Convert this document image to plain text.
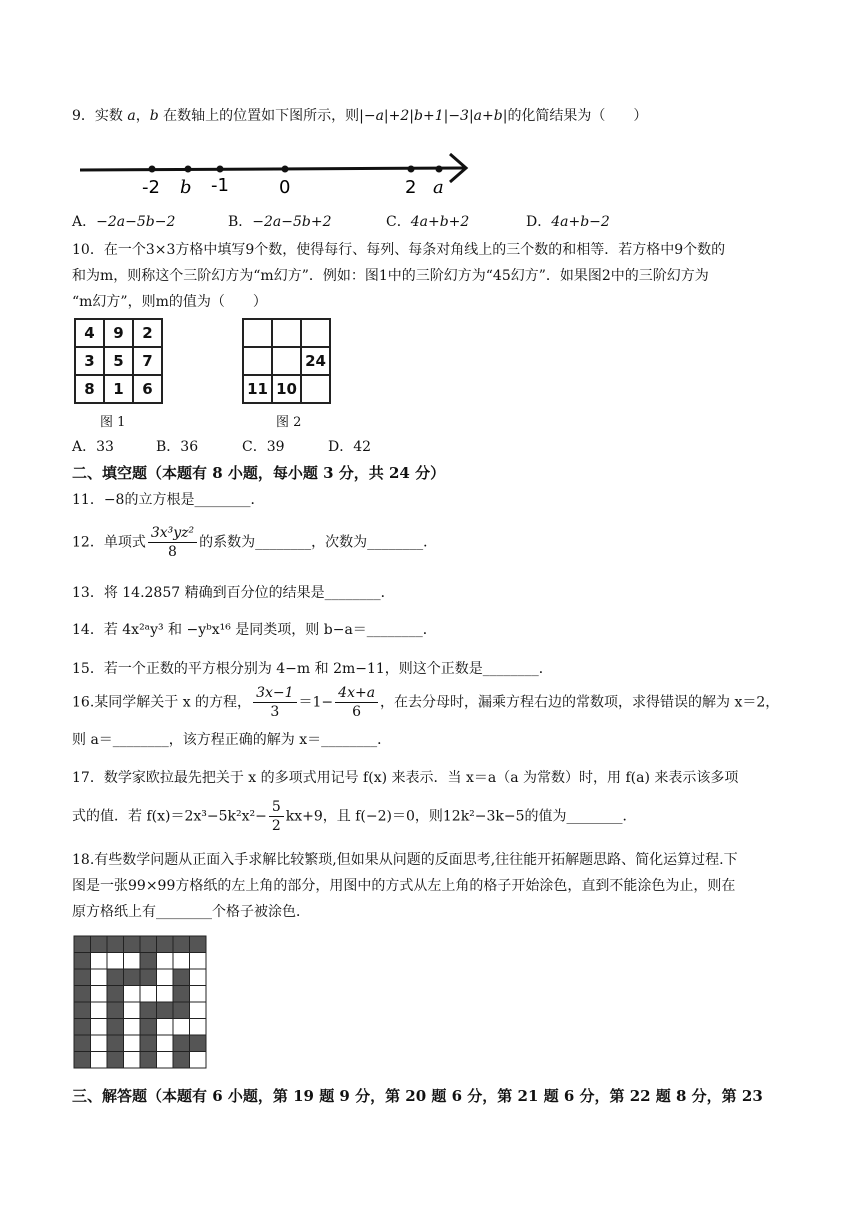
9．实数 a，b 在数轴上的位置如下图所示，则|−a|+2|b+1|−3|a+b|的化简结果为（　　）
-2 b -1	0	2 a
A．−2a−5b−2	B．−2a−5b+2	C．4a+b+2	D．4a+b−2
10．在一个3×3方格中填写9个数，使得每行、每列、每条对角线上的三个数的和相等．若方格中9个数的
和为m，则称这个三阶幻方为“m幻方”．例如：图1中的三阶幻方为“45幻方”．如果图2中的三阶幻方为
“m幻方”，则m的值为（　　）
4	9	2
3	5	7
8	1	6
图 1

		24
11	10	
图 2
A．33	B．36	C．39	D．42
二、填空题（本题有 8 小题，每小题 3 分，共 24 分）
11．−8的立方根是________．
12．单项式 $\frac{\text{3x³yz²}}{8}$ 的系数为________，次数为________．
13．将 14.2857 精确到百分位的结果是________．
14．若 4x²ᵃy³ 和 −yᵇx¹⁶ 是同类项，则 b−a＝________．
15．若一个正数的平方根分别为 4−m 和 2m−11，则这个正数是________．
16.某同学解关于 x 的方程， $\frac{3x-1}{3} =1- \frac{4x+a}{6}$ ，在去分母时，漏乘方程右边的常数项，求得错误的解为 x＝2，
则 a＝________，该方程正确的解为 x＝________．
17．数学家欧拉最先把关于 x 的多项式用记号 f(x) 来表示．当 x＝a（a 为常数）时，用 f(a) 来表示该多项
式的值．若 $f(x)=2x^3-5k^2x^2- \frac{5}{2} kx+9$，且 f(−2)＝0，则12k²−3k−5的值为________．
18.有些数学问题从正面入手求解比较繁琐,但如果从问题的反面思考,往往能开拓解题思路、简化运算过程.下
图是一张99×99方格纸的左上角的部分，用图中的方式从左上角的格子开始涂色，直到不能涂色为止，则在
原方格纸上有________个格子被涂色．
三、解答题（本题有 6 小题，第 19 题 9 分，第 20 题 6 分，第 21 题 6 分，第 22 题 8 分，第 23
